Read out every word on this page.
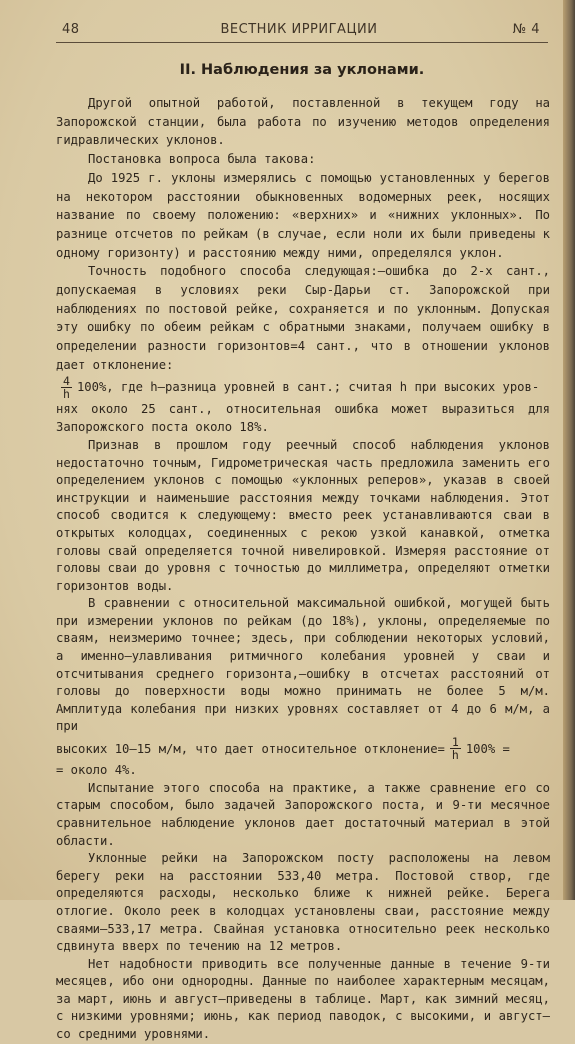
48	ВЕСТНИК ИРРИГАЦИИ	№ 4
II. Наблюдения за уклонами.

Другой опытной работой, поставленной в текущем году на Запорожской станции, была работа по изучению методов определения гидравлических уклонов.

Постановка вопроса была такова:

До 1925 г. уклоны измерялись с помощью установленных у берегов на некотором расстоянии обыкновенных водомерных реек, носящих название по своему положению: «верхних» и «нижних уклонных». По разнице отсчетов по рейкам (в случае, если ноли их были приведены к одному горизонту) и расстоянию между ними, определялся уклон.

Точность подобного способа следующая:—ошибка до 2-х сант., допускаемая в условиях реки Сыр-Дарьи ст. Запорожской при наблюдениях по постовой рейке, сохраняется и по уклонным. Допуская эту ошибку по обеим рейкам с обратными знаками, получаем ошибку в определении разности горизонтов=4 сант., что в отношении уклонов дает отклонение:

$\frac{4}{h} 100\%$, где h—разница уровней в сант.; считая h при высоких уров-

нях около 25 сант., относительная ошибка может выразиться для Запорожского поста около 18%.

Признав в прошлом году реечный способ наблюдения уклонов недостаточно точным, Гидрометрическая часть предложила заменить его определением уклонов с помощью «уклонных реперов», указав в своей инструкции и наименьшие расстояния между точками наблюдения. Этот способ сводится к следующему: вместо реек устанавливаются сваи в открытых колодцах, соединенных с рекою узкой канавкой, отметка головы свай определяется точной нивелировкой. Измеряя расстояние от головы сваи до уровня с точностью до миллиметра, определяют отметки горизонтов воды.

В сравнении с относительной максимальной ошибкой, могущей быть при измерении уклонов по рейкам (до 18%), уклоны, определяемые по сваям, неизмеримо точнее; здесь, при соблюдении некоторых условий, а именно—улавливания ритмичного колебания уровней у сваи и отсчитывания среднего горизонта,—ошибку в отсчетах расстояний от головы до поверхности воды можно принимать не более 5 м/м. Амплитуда колебания при низких уровнях составляет от 4 до 6 м/м, а при

высоких 10—15 м/м, что дает относительное отклонение= $\frac{1}{h} 100\%$ =

= около 4%.

Испытание этого способа на практике, а также сравнение его со старым способом, было задачей Запорожского поста, и 9-ти месячное сравнительное наблюдение уклонов дает достаточный материал в этой области.

Уклонные рейки на Запорожском посту расположены на левом берегу реки на расстоянии 533,40 метра. Постовой створ, где определяются расходы, несколько ближе к нижней рейке. Берега отлогие. Около реек в колодцах установлены сваи, расстояние между сваями—533,17 метра. Свайная установка относительно реек несколько сдвинута вверх по течению на 12 метров.

Нет надобности приводить все полученные данные в течение 9-ти месяцев, ибо они однородны. Данные по наиболее характерным месяцам, за март, июнь и август—приведены в таблице. Март, как зимний месяц, с низкими уровнями; июнь, как период паводок, с высокими, и август—со средними уровнями.
